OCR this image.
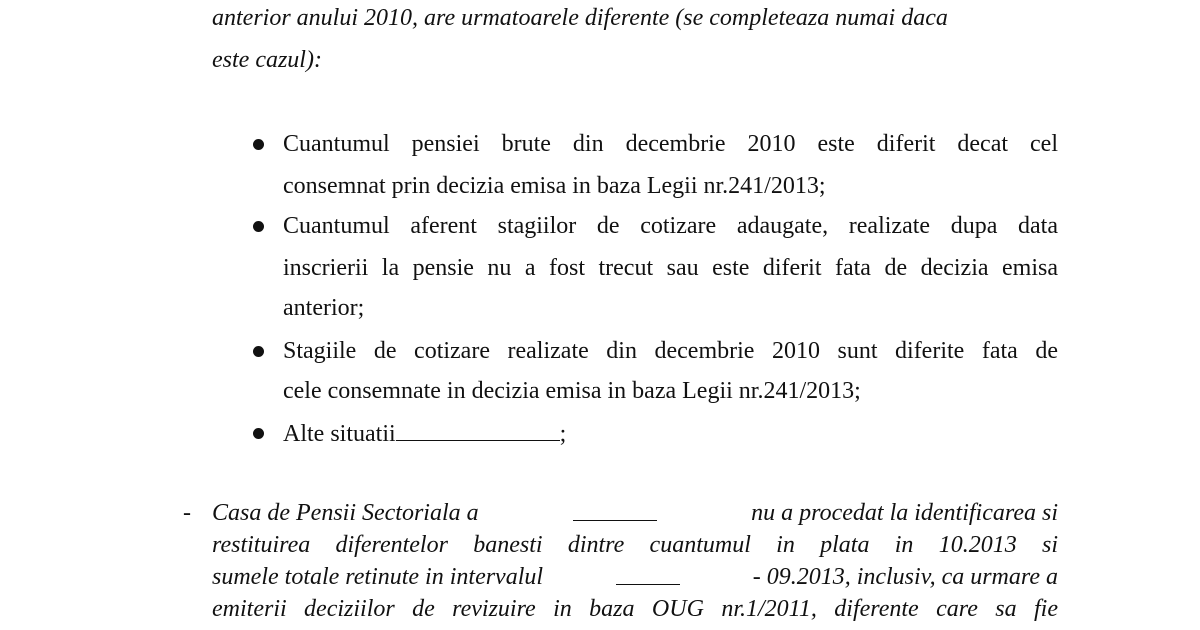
anterior anului 2010, are urmatoarele diferente (se completeaza numai daca
este cazul):
Cuantumul pensiei brute din decembrie 2010 este diferit decat cel
consemnat prin decizia emisa in baza Legii nr.241/2013;
Cuantumul aferent stagiilor de cotizare adaugate, realizate dupa data
inscrierii la pensie nu a fost trecut sau este diferit fata de decizia emisa
anterior;
Stagiile de cotizare realizate din decembrie 2010 sunt diferite fata de
cele consemnate in decizia emisa in baza Legii nr.241/2013;
Alte situatii	;
- Casa de Pensii Sectoriala a	nu a procedat la identificarea si
restituirea diferentelor banesti dintre cuantumul in plata in 10.2013 si
sumele totale retinute in intervalul	- 09.2013, inclusiv, ca urmare a
emiterii deciziilor de revizuire in baza OUG nr.1/2011, diferente care sa fie
